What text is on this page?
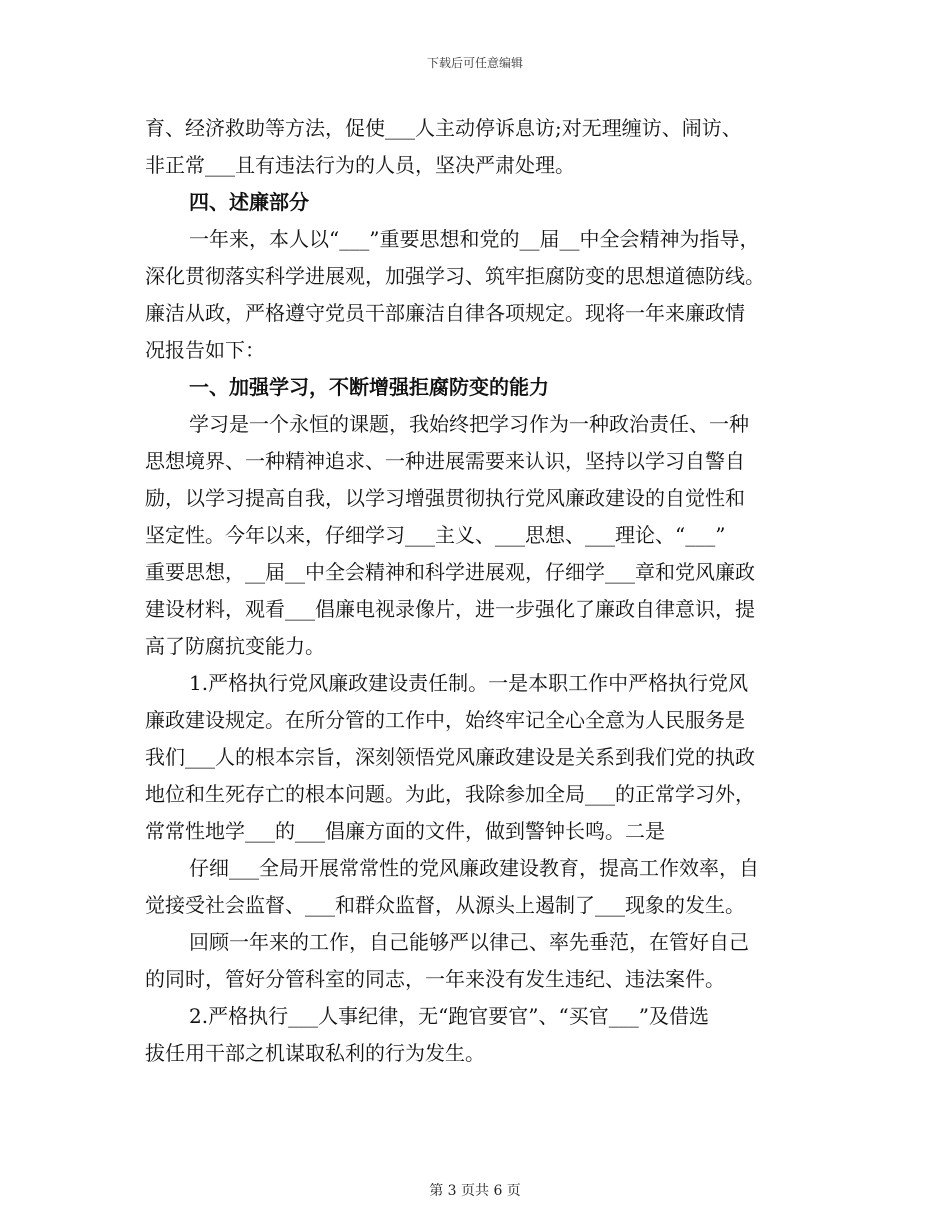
下载后可任意编辑
育、经济救助等方法，促使___人主动停诉息访;对无理缠访、闹访、
非正常___且有违法行为的人员，坚决严肃处理。
四、述廉部分
一年来，本人以“___”重要思想和党的__届__中全会精神为指导，
深化贯彻落实科学进展观，加强学习、筑牢拒腐防变的思想道德防线。
廉洁从政，严格遵守党员干部廉洁自律各项规定。现将一年来廉政情
况报告如下：
一、加强学习，不断增强拒腐防变的能力
学习是一个永恒的课题，我始终把学习作为一种政治责任、一种
思想境界、一种精神追求、一种进展需要来认识，坚持以学习自警自
励，以学习提高自我，以学习增强贯彻执行党风廉政建设的自觉性和
坚定性。今年以来，仔细学习___主义、___思想、___理论、“___”
重要思想，__届__中全会精神和科学进展观，仔细学___章和党风廉政
建设材料，观看___倡廉电视录像片，进一步强化了廉政自律意识，提
高了防腐抗变能力。
1.严格执行党风廉政建设责任制。一是本职工作中严格执行党风
廉政建设规定。在所分管的工作中，始终牢记全心全意为人民服务是
我们___人的根本宗旨，深刻领悟党风廉政建设是关系到我们党的执政
地位和生死存亡的根本问题。为此，我除参加全局___的正常学习外，
常常性地学___的___倡廉方面的文件，做到警钟长鸣。二是
仔细___全局开展常常性的党风廉政建设教育，提高工作效率，自
觉接受社会监督、___和群众监督，从源头上遏制了___现象的发生。
回顾一年来的工作，自己能够严以律己、率先垂范，在管好自己
的同时，管好分管科室的同志，一年来没有发生违纪、违法案件。
2.严格执行___人事纪律，无“跑官要官”、“买官___”及借选
拔任用干部之机谋取私利的行为发生。
第 3 页共 6 页
